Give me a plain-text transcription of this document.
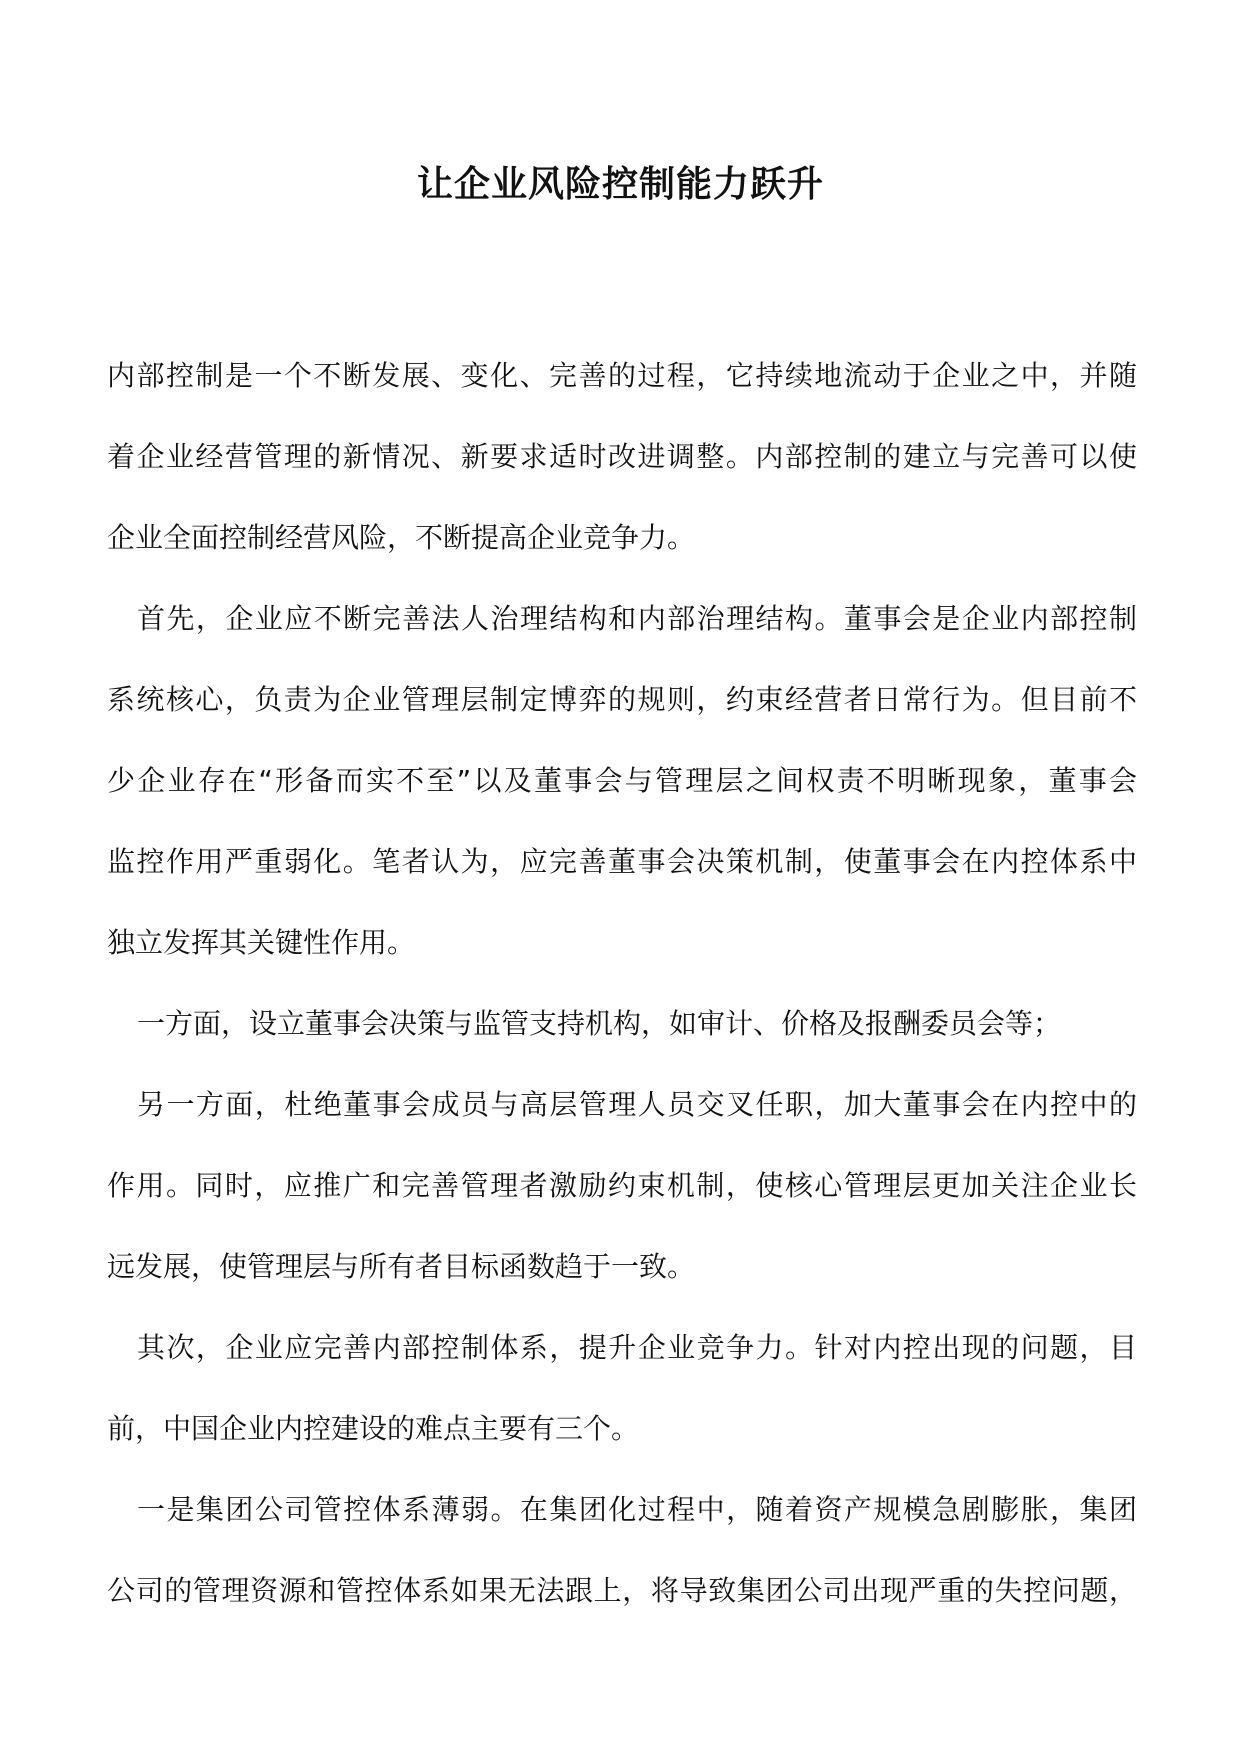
让企业风险控制能力跃升
内部控制是一个不断发展、变化、完善的过程，它持续地流动于企业之中，并随
着企业经营管理的新情况、新要求适时改进调整。内部控制的建立与完善可以使
企业全面控制经营风险，不断提高企业竞争力。
首先，企业应不断完善法人治理结构和内部治理结构。董事会是企业内部控制
系统核心，负责为企业管理层制定博弈的规则，约束经营者日常行为。但目前不
少企业存在“形备而实不至”以及董事会与管理层之间权责不明晰现象，董事会
监控作用严重弱化。笔者认为，应完善董事会决策机制，使董事会在内控体系中
独立发挥其关键性作用。
一方面，设立董事会决策与监管支持机构，如审计、价格及报酬委员会等；
另一方面，杜绝董事会成员与高层管理人员交叉任职，加大董事会在内控中的
作用。同时，应推广和完善管理者激励约束机制，使核心管理层更加关注企业长
远发展，使管理层与所有者目标函数趋于一致。
其次，企业应完善内部控制体系，提升企业竞争力。针对内控出现的问题，目
前，中国企业内控建设的难点主要有三个。
一是集团公司管控体系薄弱。在集团化过程中，随着资产规模急剧膨胀，集团
公司的管理资源和管控体系如果无法跟上，将导致集团公司出现严重的失控问题，
